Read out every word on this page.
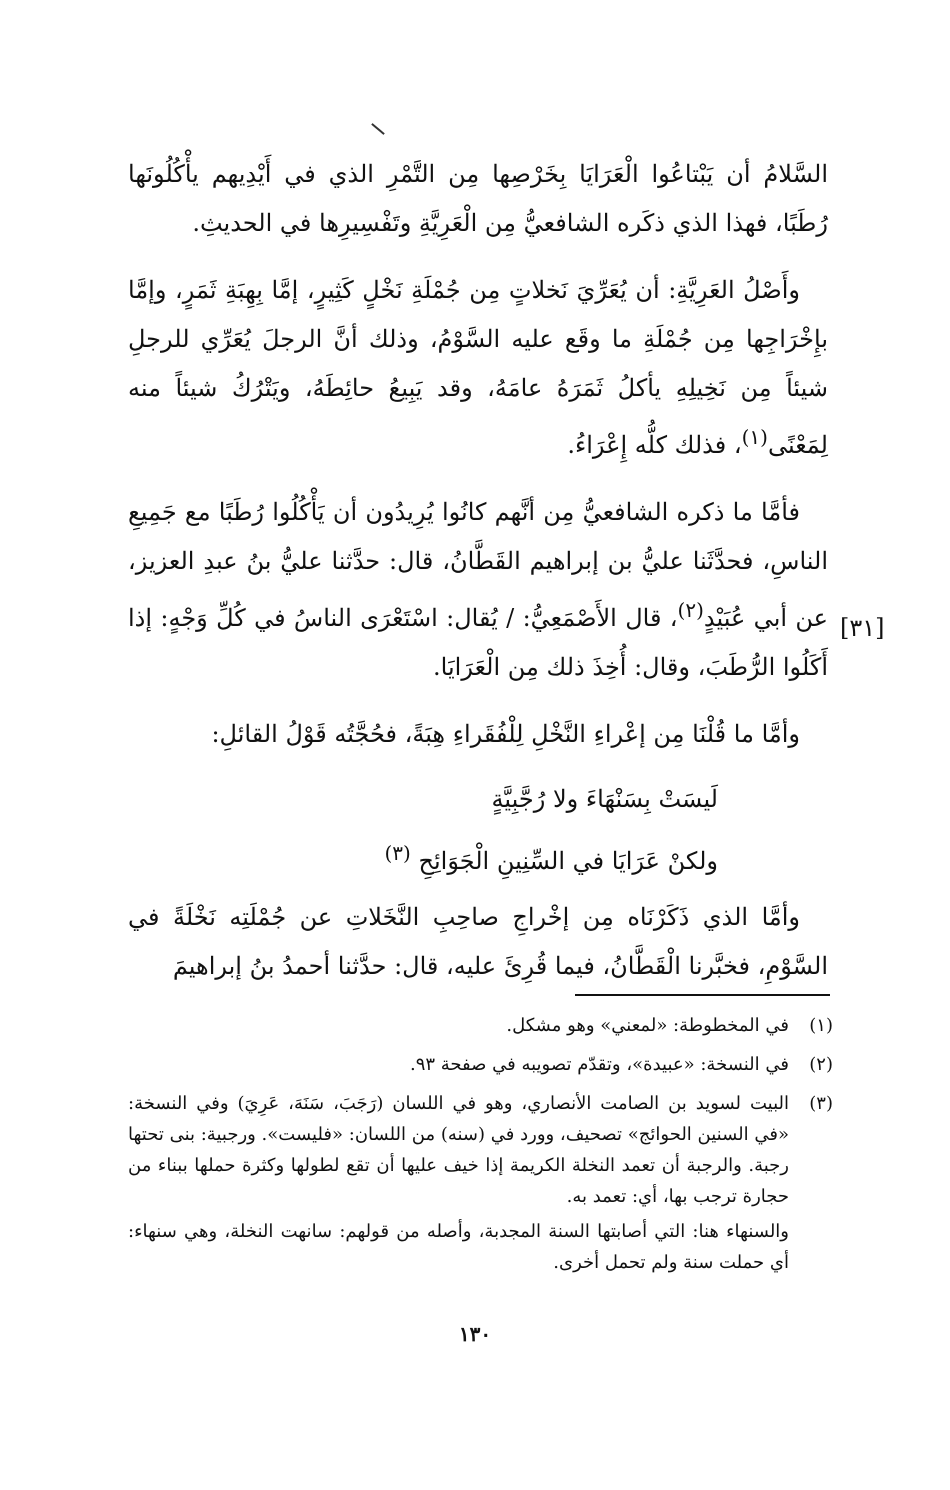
السَّلامُ أن يَبْتاعُوا الْعَرَايَا بِخَرْصِها مِن التَّمْرِ الذي في أَيْدِيهم يأْكُلُونَها رُطَبًا، فهذا الذي ذكَره الشافعيُّ مِن الْعَرِيَّةِ وتَفْسِيرِها في الحديثِ.

وأَصْلُ العَرِيَّةِ: أن يُعَرِّيَ نَخلاتٍ مِن جُمْلَةِ نَخْلٍ كَثِيرٍ، إمَّا بِهِبَةِ ثَمَرٍ، وإمَّا بإِخْرَاجِها مِن جُمْلَةِ ما وقَع عليه السَّوْمُ، وذلك أنَّ الرجلَ يُعَرِّي للرجلِ شيئاً مِن نَخِيلِهِ يأكلُ ثَمَرَهُ عامَهُ، وقد يَبِيعُ حائِطَهُ، ويَتْرُكُ شيئاً منه لِمَعْنًى$^{(١)}$، فذلك كلُّه إِعْرَاءُ.

فأمَّا ما ذكره الشافعيُّ مِن أنَّهم كانُوا يُرِيدُون أن يَأْكُلُوا رُطَبًا مع جَمِيعِ الناسِ، فحدَّثَنا عليُّ بن إبراهيم القَطَّانُ، قال: حدَّثنا عليُّ بنُ عبدِ العزيز، عن أبي عُبَيْدٍ$^{(٢)}$، قال الأَصْمَعِيُّ: / يُقال: اسْتَعْرَى الناسُ في كُلِّ وَجْهٍ: إذا أَكَلُوا الرُّطَبَ، وقال: أُخِذَ ذلك مِن الْعَرَايَا.

وأمَّا ما قُلْنَا مِن إعْراءِ النَّخْلِ لِلْفُقَراءِ هِبَةً، فحُجَّتُه قَوْلُ القائلِ:

لَيسَتْ بِسَنْهَاءَ ولا رُجَّبِيَّةٍ
ولكنْ عَرَايَا في السِّنِينِ الْجَوَائِحِ $^{(٣)}$

وأمَّا الذي ذَكَرْنَاه مِن إخْراجِ صاحِبِ النَّخَلاتِ عن جُمْلَتِه نَخْلَةً في السَّوْمِ، فخبَّرنا الْقَطَّانُ، فيما قُرِئَ عليه، قال: حدَّثنا أحمدُ بنُ إبراهيمَ

[٣١]
(١)

في المخطوطة: «لمعني» وهو مشكل.

(٢)

في النسخة: «عبيدة»، وتقدّم تصويبه في صفحة ٩٣.

(٣)

البيت لسويد بن الصامت الأنصاري، وهو في اللسان (رَجَبَ، سَنَهَ، عَرِيَ) وفي النسخة: «في السنين الحوائج» تصحيف، وورد في (سنه) من اللسان: «فليست». ورجبية: بنى تحتها رجبة. والرجبة أن تعمد النخلة الكريمة إذا خيف عليها أن تقع لطولها وكثرة حملها ببناء من حجارة ترجب بها، أي: تعمد به.

والسنهاء هنا: التي أصابتها السنة المجدبة، وأصله من قولهم: سانهت النخلة، وهي سنهاء: أي حملت سنة ولم تحمل أخرى.

١٣٠
